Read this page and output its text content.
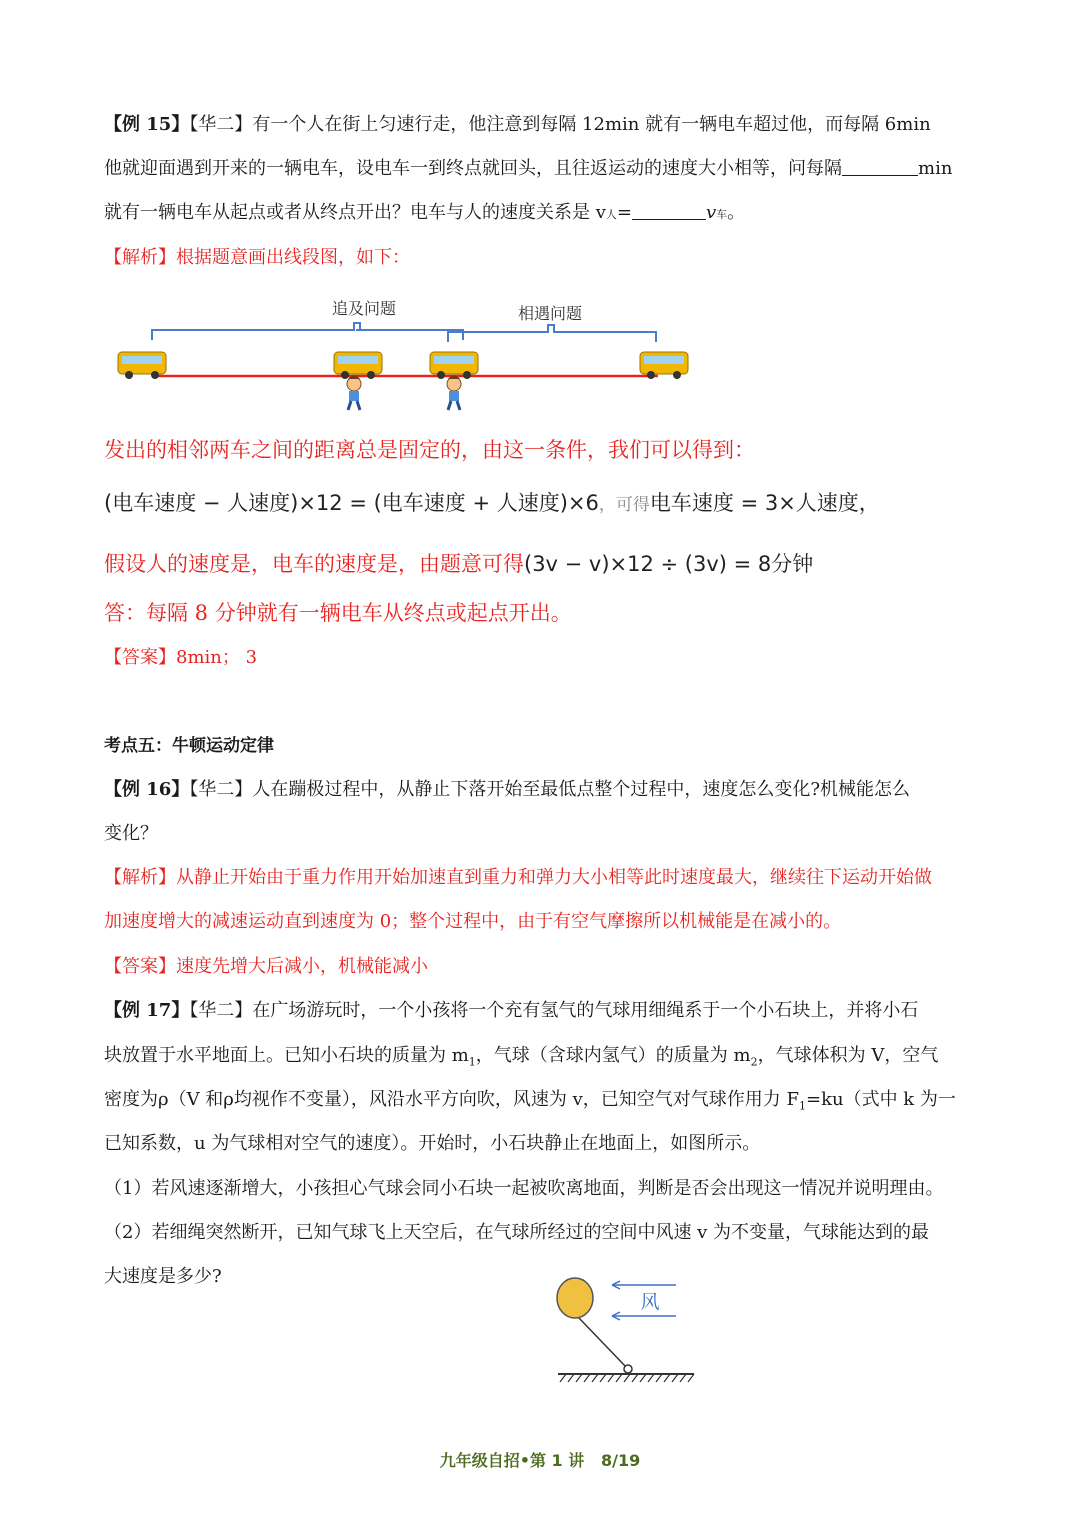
【例 15】【华二】有一个人在街上匀速行走，他注意到每隔 12min 就有一辆电车超过他，而每隔 6min
他就迎面遇到开来的一辆电车，设电车一到终点就回头，且往返运动的速度大小相等，问每隔	min
就有一辆电车从起点或者从终点开出？电车与人的速度关系是 v人=	v车。
【解析】根据题意画出线段图，如下：
追及问题	相遇问题
发出的相邻两车之间的距离总是固定的，由这一条件，我们可以得到：
(电车速度 − 人速度)×12 = (电车速度 + 人速度)×6，可得电车速度 = 3×人速度，
假设人的速度是，电车的速度是，由题意可得(3v − v)×12 ÷ (3v) = 8分钟
答：每隔 8 分钟就有一辆电车从终点或起点开出。
【答案】8min； 3
考点五：牛顿运动定律
【例 16】【华二】人在蹦极过程中，从静止下落开始至最低点整个过程中，速度怎么变化?机械能怎么
变化？
【解析】从静止开始由于重力作用开始加速直到重力和弹力大小相等此时速度最大，继续往下运动开始做
加速度增大的减速运动直到速度为 0；整个过程中，由于有空气摩擦所以机械能是在减小的。
【答案】速度先增大后减小，机械能减小
【例 17】【华二】在广场游玩时，一个小孩将一个充有氢气的气球用细绳系于一个小石块上，并将小石
块放置于水平地面上。已知小石块的质量为 $m_1$，气球（含球内氢气）的质量为 $m_2$，气球体积为 V，空气
密度为ρ（V 和ρ均视作不变量），风沿水平方向吹，风速为 v，已知空气对气球作用力 $F_1=ku$（式中 k 为一
已知系数，u 为气球相对空气的速度）。开始时，小石块静止在地面上，如图所示。
（1）若风速逐渐增大，小孩担心气球会同小石块一起被吹离地面，判断是否会出现这一情况并说明理由。
（2）若细绳突然断开，已知气球飞上天空后，在气球所经过的空间中风速 v 为不变量，气球能达到的最
大速度是多少?
风
九年级自招•第 1 讲 8/19
